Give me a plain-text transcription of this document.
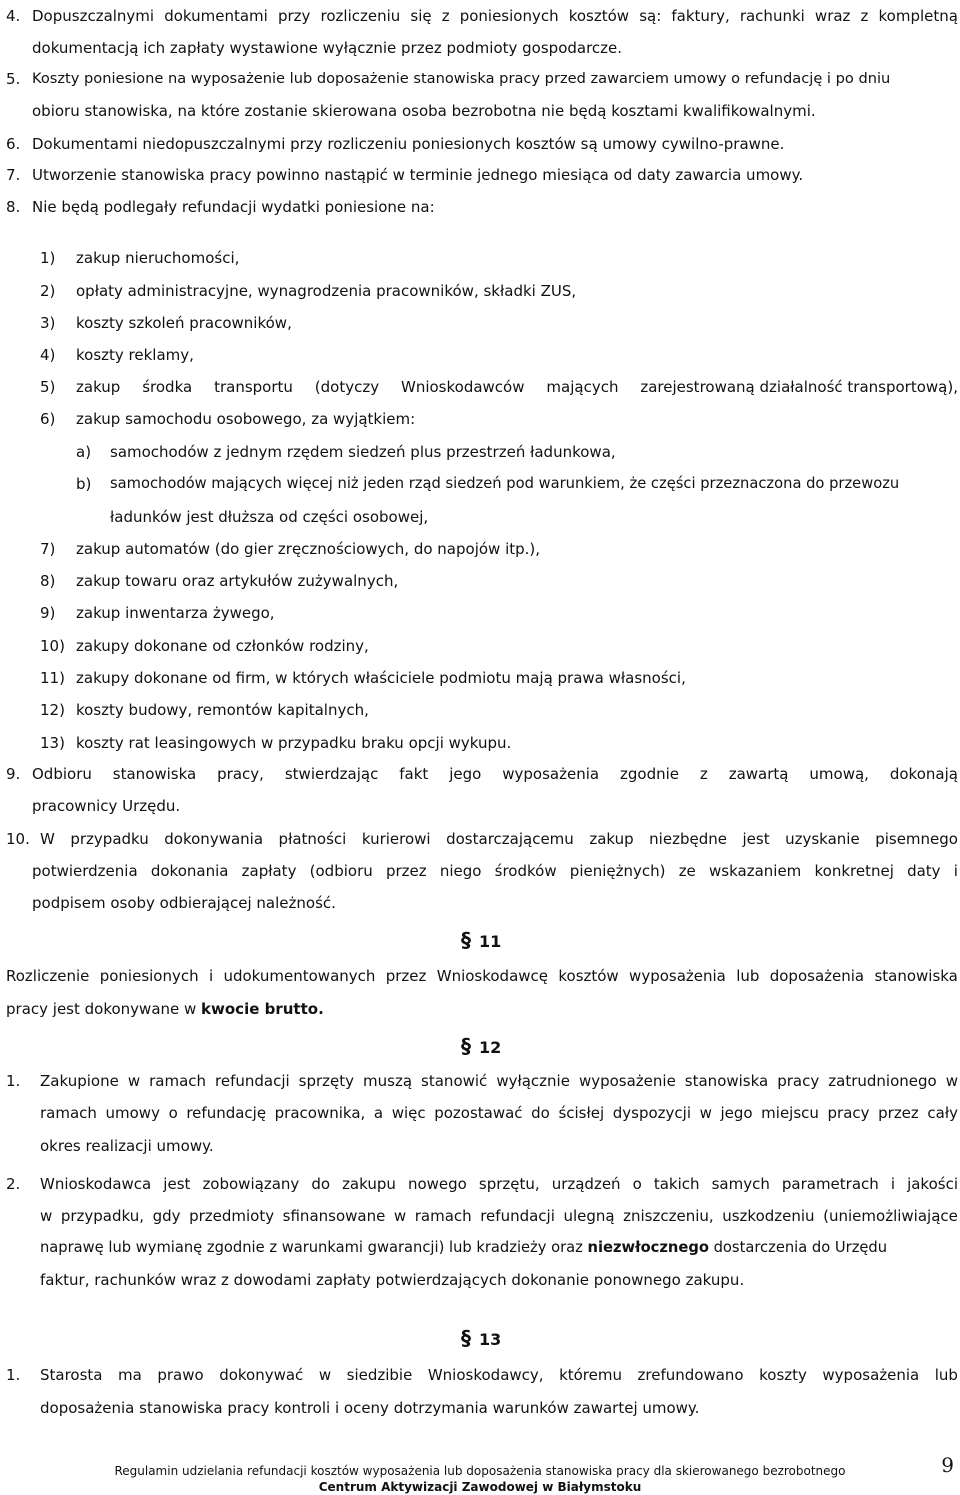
4. Dopuszczalnymi dokumentami przy rozliczeniu się z poniesionych kosztów są: faktury, rachunki wraz z kompletną
dokumentacją ich zapłaty wystawione wyłącznie przez podmioty gospodarcze.
5. Koszty poniesione na wyposażenie lub doposażenie stanowiska pracy przed zawarciem umowy o refundację i po dniu
obioru stanowiska, na które zostanie skierowana osoba bezrobotna nie będą kosztami kwalifikowalnymi.
6. Dokumentami niedopuszczalnymi przy rozliczeniu poniesionych kosztów są umowy cywilno-prawne.
7. Utworzenie stanowiska pracy powinno nastąpić w terminie jednego miesiąca od daty zawarcia umowy.
8. Nie będą podlegały refundacji wydatki poniesione na:
1) zakup nieruchomości,
2) opłaty administracyjne, wynagrodzenia pracowników, składki ZUS,
3) koszty szkoleń pracowników,
4) koszty reklamy,
5) zakup środka transportu (dotyczy Wnioskodawców mających zarejestrowaną działalność transportową),
6) zakup samochodu osobowego, za wyjątkiem:
a) samochodów z jednym rzędem siedzeń plus przestrzeń ładunkowa,
b) samochodów mających więcej niż jeden rząd siedzeń pod warunkiem, że części przeznaczona do przewozu
ładunków jest dłuższa od części osobowej,
7) zakup automatów (do gier zręcznościowych, do napojów itp.),
8) zakup towaru oraz artykułów zużywalnych,
9) zakup inwentarza żywego,
10) zakupy dokonane od członków rodziny,
11) zakupy dokonane od firm, w których właściciele podmiotu mają prawa własności,
12) koszty budowy, remontów kapitalnych,
13) koszty rat leasingowych w przypadku braku opcji wykupu.
9. Odbioru stanowiska pracy, stwierdzając fakt jego wyposażenia zgodnie z zawartą umową, dokonają
pracownicy Urzędu.
10. W przypadku dokonywania płatności kurierowi dostarczającemu zakup niezbędne jest uzyskanie pisemnego
potwierdzenia dokonania zapłaty (odbioru przez niego środków pieniężnych) ze wskazaniem konkretnej daty i
podpisem osoby odbierającej należność.
§ 11
Rozliczenie poniesionych i udokumentowanych przez Wnioskodawcę kosztów wyposażenia lub doposażenia stanowiska
pracy jest dokonywane w kwocie brutto.
§ 12
1. Zakupione w ramach refundacji sprzęty muszą stanowić wyłącznie wyposażenie stanowiska pracy zatrudnionego w
ramach umowy o refundację pracownika, a więc pozostawać do ścisłej dyspozycji w jego miejscu pracy przez cały
okres realizacji umowy.
2. Wnioskodawca jest zobowiązany do zakupu nowego sprzętu, urządzeń o takich samych parametrach i jakości
w przypadku, gdy przedmioty sfinansowane w ramach refundacji ulegną zniszczeniu, uszkodzeniu (uniemożliwiające
naprawę lub wymianę zgodnie z warunkami gwarancji) lub kradzieży oraz niezwłocznego dostarczenia do Urzędu
faktur, rachunków wraz z dowodami zapłaty potwierdzających dokonanie ponownego zakupu.
§ 13
1. Starosta ma prawo dokonywać w siedzibie Wnioskodawcy, któremu zrefundowano koszty wyposażenia lub
doposażenia stanowiska pracy kontroli i oceny dotrzymania warunków zawartej umowy.
Regulamin udzielania refundacji kosztów wyposażenia lub doposażenia stanowiska pracy dla skierowanego bezrobotnego
Centrum Aktywizacji Zawodowej w Białymstoku
9
